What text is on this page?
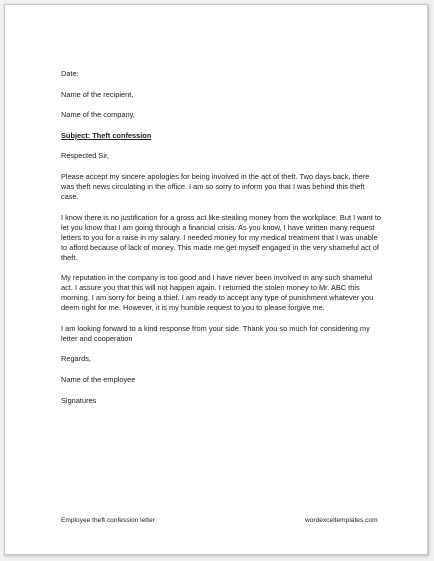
Date:

Name of the recipient,

Name of the company,

Subject: Theft confession

Respected Sir,

Please accept my sincere apologies for being involved in the act of theft. Two days back, there was theft news circulating in the office. I am so sorry to inform you that I was behind this theft case.

I know there is no justification for a gross act like stealing money from the workplace. But I want to let you know that I am going through a financial crisis. As you know, I have written many request letters to you for a raise in my salary. I needed money for my medical treatment that I was unable to afford because of lack of money. This made me get myself engaged in the very shameful act of theft.

My reputation in the company is too good and I have never been involved in any such shameful act. I assure you that this will not happen again. I returned the stolen money to Mr. ABC this morning. I am sorry for being a thief. I am ready to accept any type of punishment whatever you deem right for me. However, it is my humble request to you to please forgive me.

I am looking forward to a kind response from your side. Thank you so much for considering my letter and cooperation

Regards,

Name of the employee

Signatures

Employee theft confession letter	wordexceltemplates.com
